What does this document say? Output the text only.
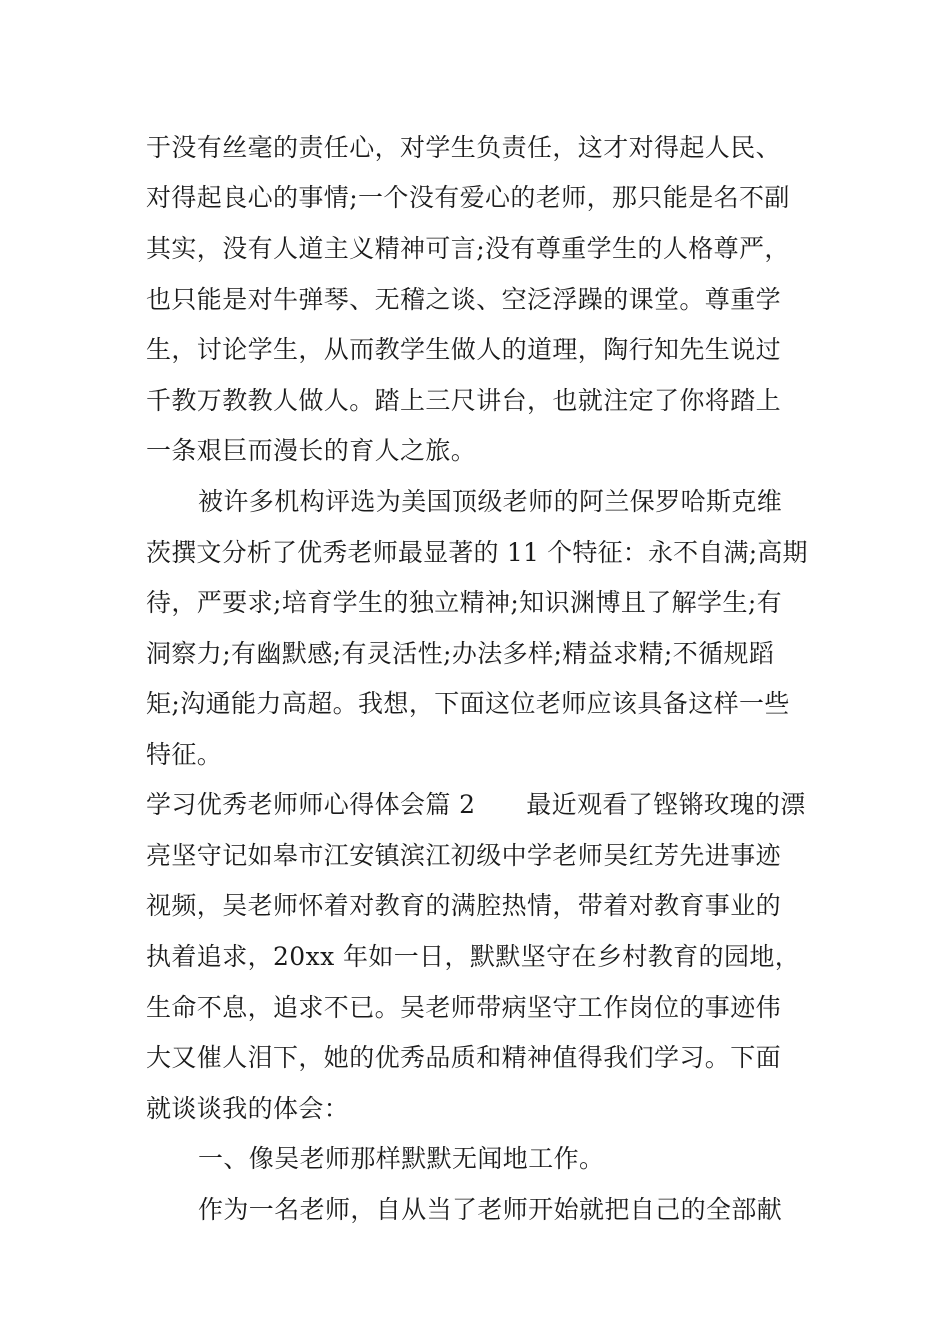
于没有丝毫的责任心，对学生负责任，这才对得起人民、
对得起良心的事情;一个没有爱心的老师，那只能是名不副
其实，没有人道主义精神可言;没有尊重学生的人格尊严，
也只能是对牛弹琴、无稽之谈、空泛浮躁的课堂。尊重学
生，讨论学生，从而教学生做人的道理，陶行知先生说过
千教万教教人做人。踏上三尺讲台，也就注定了你将踏上
一条艰巨而漫长的育人之旅。
被许多机构评选为美国顶级老师的阿兰保罗哈斯克维
茨撰文分析了优秀老师最显著的 11 个特征：永不自满;高期
待，严要求;培育学生的独立精神;知识渊博且了解学生;有
洞察力;有幽默感;有灵活性;办法多样;精益求精;不循规蹈
矩;沟通能力高超。我想，下面这位老师应该具备这样一些
特征。
学习优秀老师师心得体会篇 2　　最近观看了铿锵玫瑰的漂
亮坚守记如皋市江安镇滨江初级中学老师吴红芳先进事迹
视频，吴老师怀着对教育的满腔热情，带着对教育事业的
执着追求，20xx 年如一日，默默坚守在乡村教育的园地，
生命不息，追求不已。吴老师带病坚守工作岗位的事迹伟
大又催人泪下，她的优秀品质和精神值得我们学习。下面
就谈谈我的体会：
一、像吴老师那样默默无闻地工作。
作为一名老师，自从当了老师开始就把自己的全部献
